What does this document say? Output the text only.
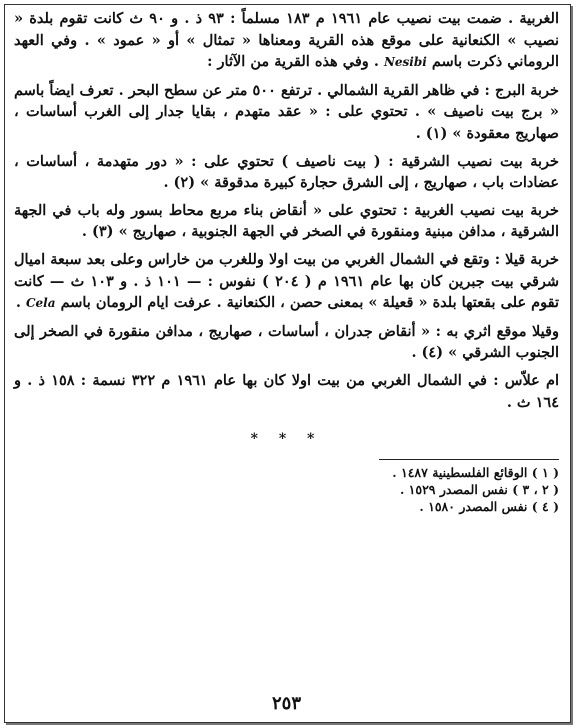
الغربية . ضمت بيت نصيب عام ١٩٦١ م ١٨٣ مسلماً : ٩٣ ذ . و ٩٠ ث كانت تقوم بلدة « نصيب » الكنعانية على موقع هذه القرية ومعناها « تمثال » أو « عمود » . وفي العهد الروماني ذكرت باسم Nesibi . وفي هذه القرية من الآثار :

خربة البرج : في ظاهر القرية الشمالي . ترتفع ٥٠٠ متر عن سطح البحر . تعرف ايضاً باسم « برج بيت ناصيف » . تحتوي على : « عقد متهدم ، بقايا جدار إلى الغرب أساسات ، صهاريج معقودة » (١) .

خربة بيت نصيب الشرقية : ( بيت ناصيف ) تحتوي على : « دور متهدمة ، أساسات ، عضادات باب ، صهاريج ، إلى الشرق حجارة كبيرة مدقوقة » (٢) .

خربة بيت نصيب الغربية : تحتوي على « أنقاض بناء مربع محاط بسور وله باب في الجهة الشرقية ، مدافن مبنية ومنقورة في الصخر في الجهة الجنوبية ، صهاريج » (٣) .

خربة قيلا : وتقع في الشمال الغربي من بيت اولا وللغرب من خاراس وعلى بعد سبعة اميال شرقي بيت جبرين كان بها عام ١٩٦١ م ( ٢٠٤ ) نفوس : — ١٠١ ذ . و ١٠٣ ث — كانت تقوم على بقعتها بلدة « قعيلة » بمعنى حصن ، الكنعانية . عرفت ايام الرومان باسم Cela .

وقيلا موقع اثري به : « أنقاض جدران ، أساسات ، صهاريج ، مدافن منقورة في الصخر إلى الجنوب الشرقي » (٤) .

ام علاّس : في الشمال الغربي من بيت اولا كان بها عام ١٩٦١ م ٣٢٢ نسمة : ١٥٨ ذ . و ١٦٤ ث .

* * *
( ١ ) الوقائع الفلسطينية ١٤٨٧ .
( ٢ ، ٣ ) نفس المصدر ١٥٢٩ .
( ٤ ) نفس المصدر ١٥٨٠ .
٢٥٣
